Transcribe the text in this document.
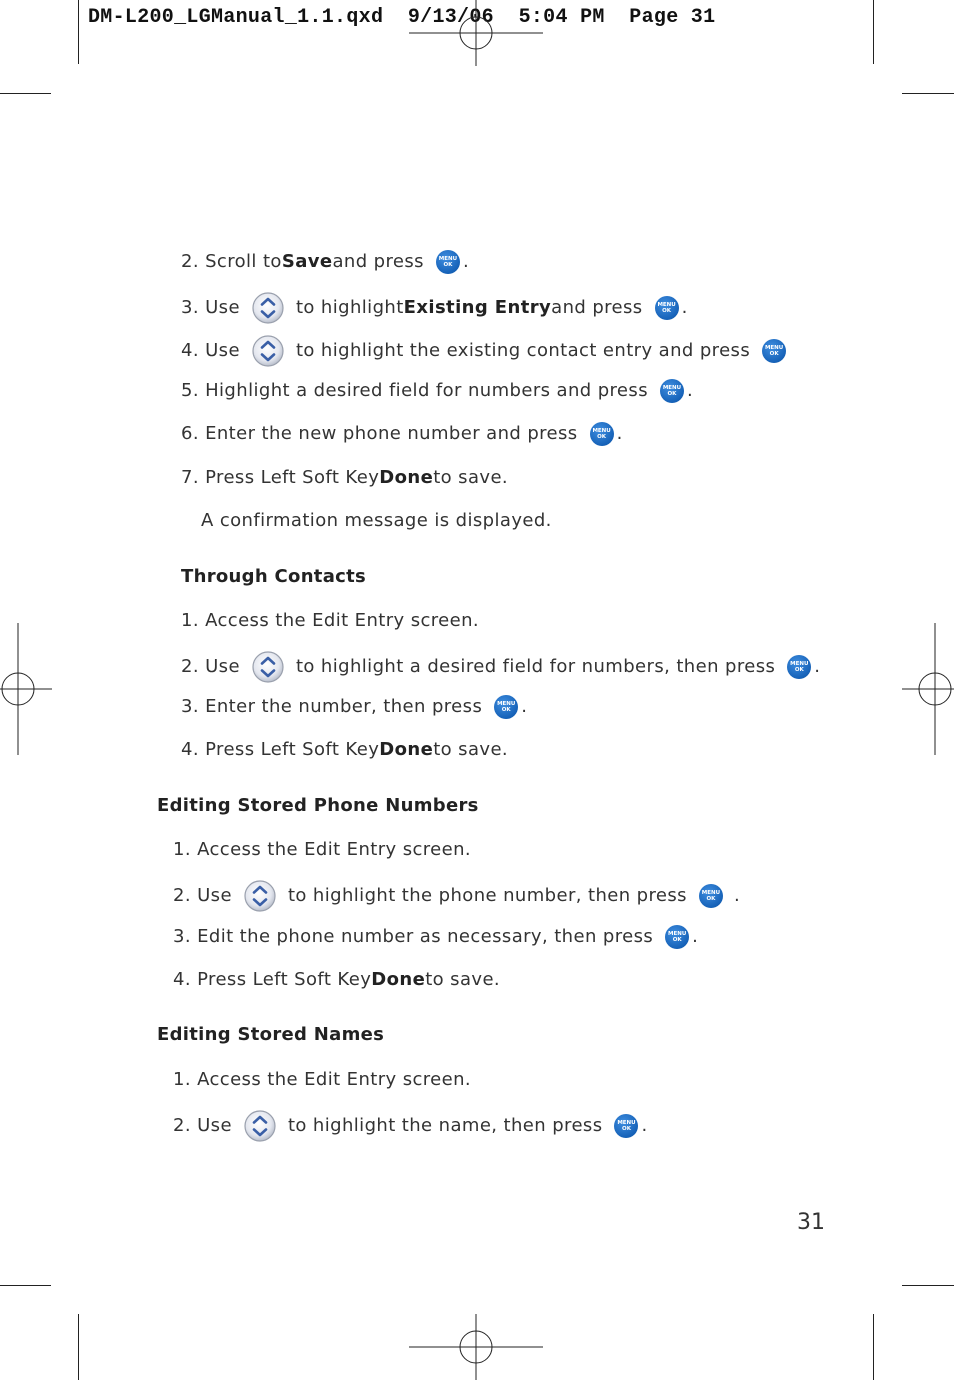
DM-L200_LGManual_1.1.qxd  9/13/06  5:04 PM  Page 31
2. Scroll to Save and press	MENU
OK .
3. Use	to highlight Existing Entry and press	MENU
OK .
4. Use	to highlight the existing contact entry and press	MENU
OK
5. Highlight a desired field for numbers and press	MENU
OK .
6. Enter the new phone number and press	MENU
OK .
7. Press Left Soft Key Done to save.
A confirmation message is displayed.
Through Contacts
1. Access the Edit Entry screen.
2. Use	to highlight a desired field for numbers, then press	MENU
OK .
3. Enter the number, then press	MENU
OK .
4. Press Left Soft Key Done to save.
Editing Stored Phone Numbers
1. Access the Edit Entry screen.
2. Use	to highlight the phone number, then press	MENU
OK .
3. Edit the phone number as necessary, then press	MENU
OK .
4. Press Left Soft Key Done to save.
Editing Stored Names
1. Access the Edit Entry screen.
2. Use	to highlight the name, then press	MENU
OK .
31
